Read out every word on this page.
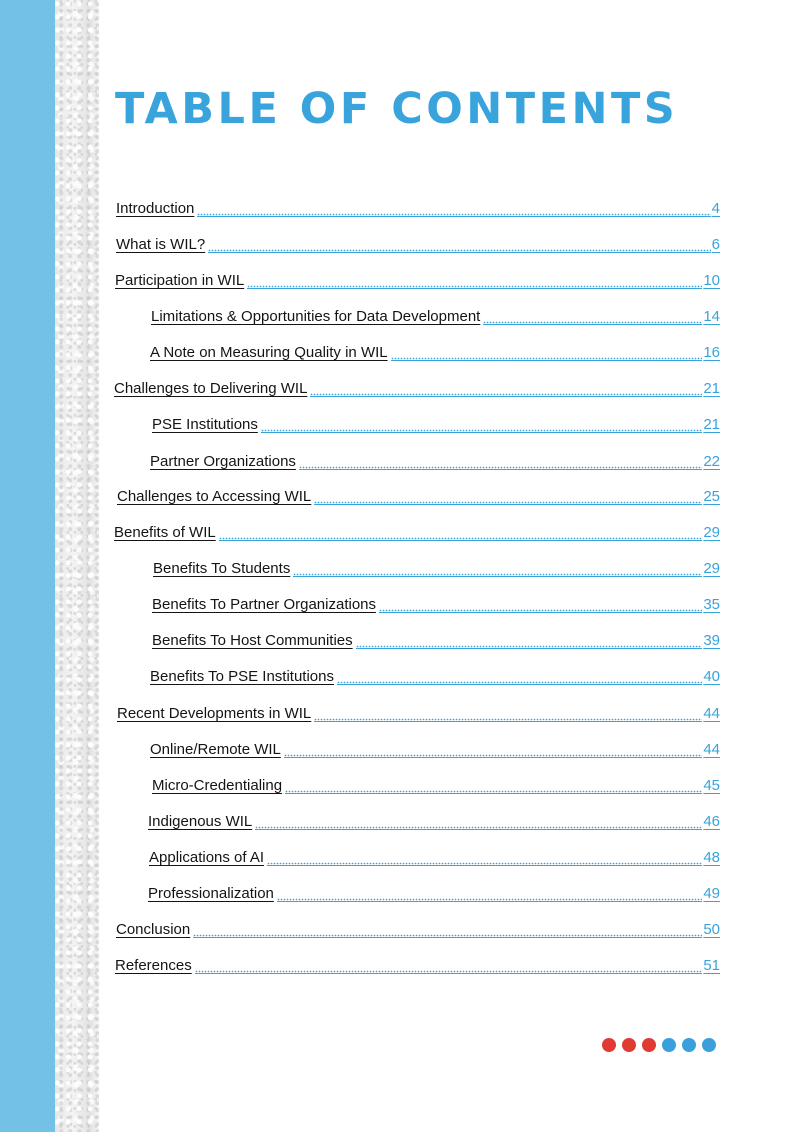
TABLE OF CONTENTS
Introduction	4
What is WIL?	6
Participation in WIL	10
Limitations & Opportunities for Data Development	14
A Note on Measuring Quality in WIL	16
Challenges to Delivering WIL	21
PSE Institutions	21
Partner Organizations	22
Challenges to Accessing WIL	25
Benefits of WIL	29
Benefits To Students	29
Benefits To Partner Organizations	35
Benefits To Host Communities	39
Benefits To PSE Institutions	40
Recent Developments in WIL	44
Online/Remote WIL	44
Micro-Credentialing	45
Indigenous WIL	46
Applications of AI	48
Professionalization	49
Conclusion	50
References	51
